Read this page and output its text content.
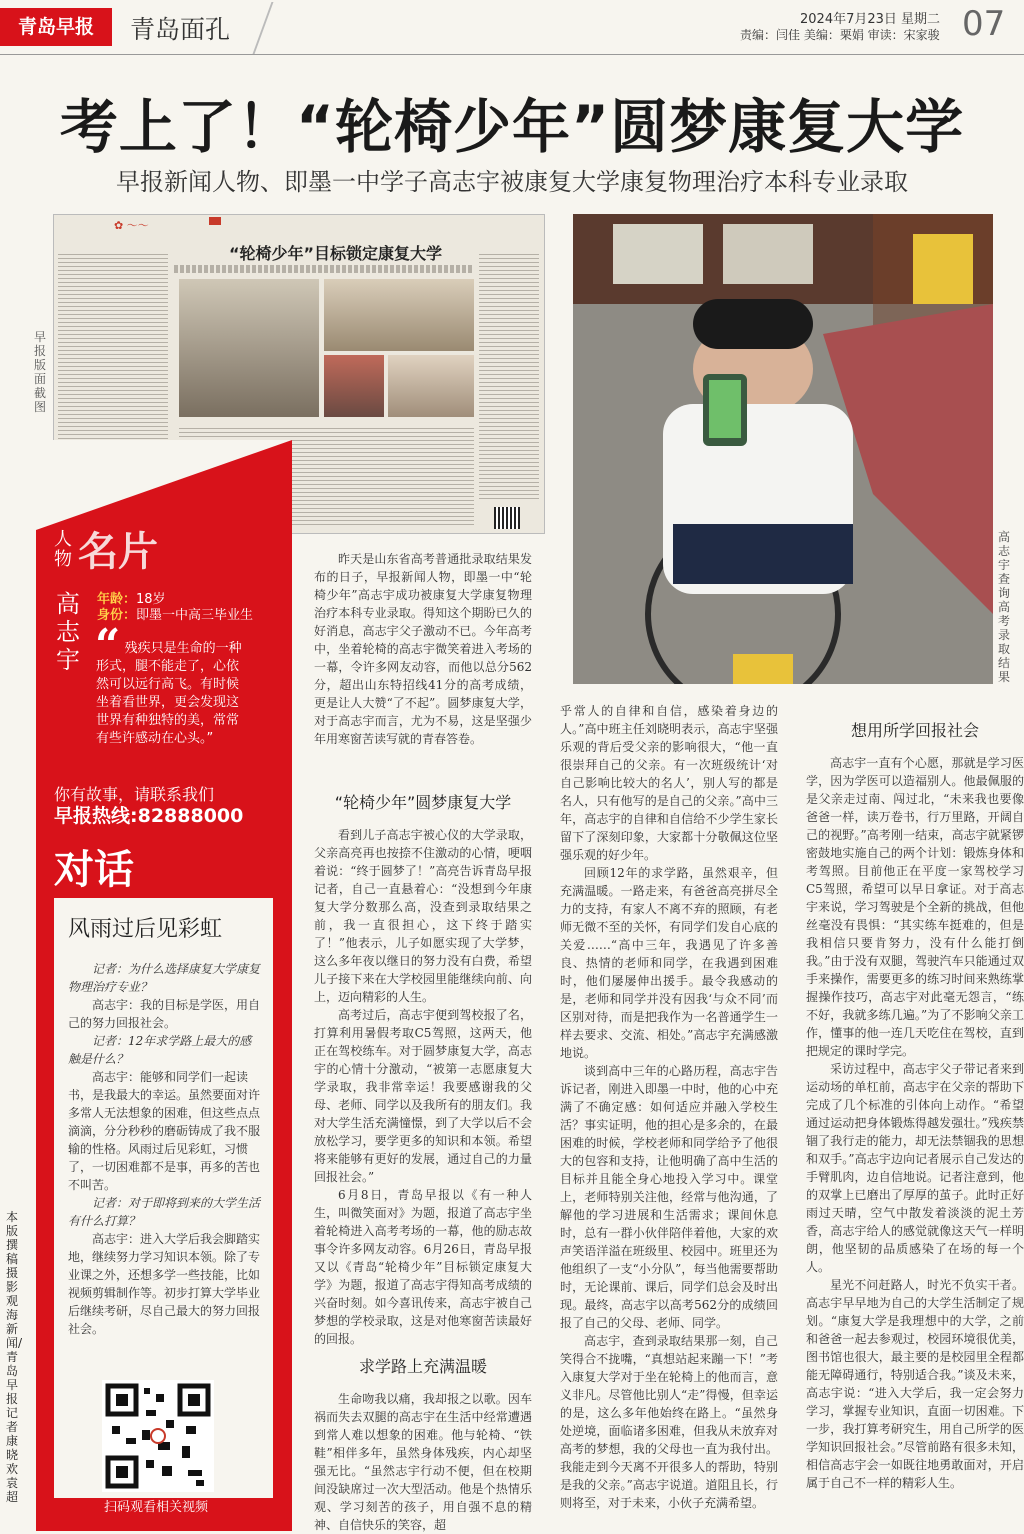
青岛早报	青岛面孔	2024年7月23日 星期二
责编：闫佳 美编：栗娟 审读：宋家骏 07
考上了！“轮椅少年”圆梦康复大学
早报新闻人物、即墨一中学子高志宇被康复大学康复物理治疗本科专业录取
✿ ～～
“轮椅少年”目标锁定康复大学
早报版面截图
高志宇查询高考录取结果
人物 名片
高志宇
年龄：18岁
身份：即墨一中高三毕业生
“ 残疾只是生命的一种形式，腿不能走了，心依然可以远行高飞。有时候坐着看世界，更会发现这世界有种独特的美，常常有些许感动在心头。”
你有故事，请联系我们
早报热线:82888000
对话
风雨过后见彩虹

记者：为什么选择康复大学康复物理治疗专业？

高志宇：我的目标是学医，用自己的努力回报社会。

记者：12年求学路上最大的感触是什么？

高志宇：能够和同学们一起读书，是我最大的幸运。虽然要面对许多常人无法想象的困难，但这些点点滴滴，分分秒秒的磨砺铸成了我不服输的性格。风雨过后见彩虹，习惯了，一切困难都不是事，再多的苦也不叫苦。

记者：对于即将到来的大学生活有什么打算？

高志宇：进入大学后我会脚踏实地，继续努力学习知识本领。除了专业课之外，还想多学一些技能，比如视频剪辑制作等。初步打算大学毕业后继续考研，尽自己最大的努力回报社会。

扫码观看相关视频
本版撰稿摄影 观海新闻/青岛早报记者 康晓欢 袁超

昨天是山东省高考普通批录取结果发布的日子，早报新闻人物，即墨一中“轮椅少年”高志宇成功被康复大学康复物理治疗本科专业录取。得知这个期盼已久的好消息，高志宇父子激动不已。今年高考中，坐着轮椅的高志宇微笑着进入考场的一幕，令许多网友动容，而他以总分562分，超出山东特招线41分的高考成绩，更是让人大赞“了不起”。圆梦康复大学，对于高志宇而言，尤为不易，这是坚强少年用寒窗苦读写就的青春答卷。

“轮椅少年”圆梦康复大学

看到儿子高志宇被心仪的大学录取，父亲高亮再也按捺不住激动的心情，哽咽着说：“终于圆梦了！”高亮告诉青岛早报记者，自己一直悬着心：“没想到今年康复大学分数那么高，没查到录取结果之前，我一直很担心，这下终于踏实了！”他表示，儿子如愿实现了大学梦，这么多年夜以继日的努力没有白费，希望儿子接下来在大学校园里能继续向前、向上，迈向精彩的人生。

高考过后，高志宇便到驾校报了名，打算利用暑假考取C5驾照，这两天，他正在驾校练车。对于圆梦康复大学，高志宇的心情十分激动，“被第一志愿康复大学录取，我非常幸运！我要感谢我的父母、老师、同学以及我所有的朋友们。我对大学生活充满憧憬，到了大学以后不会放松学习，要学更多的知识和本领。希望将来能够有更好的发展，通过自己的力量回报社会。”

6月8日，青岛早报以《有一种人生，叫微笑面对》为题，报道了高志宇坐着轮椅进入高考考场的一幕，他的励志故事令许多网友动容。6月26日，青岛早报又以《青岛“轮椅少年”目标锁定康复大学》为题，报道了高志宇得知高考成绩的兴奋时刻。如今喜讯传来，高志宇被自己梦想的学校录取，这是对他寒窗苦读最好的回报。

求学路上充满温暖

生命吻我以痛，我却报之以歌。因车祸而失去双腿的高志宇在生活中经常遭遇到常人难以想象的困难。他与轮椅、“铁鞋”相伴多年，虽然身体残疾，内心却坚强无比。“虽然志宇行动不便，但在校期间没缺席过一次大型活动。他是个热情乐观、学习刻苦的孩子，用自强不息的精神、自信快乐的笑容，超

乎常人的自律和自信，感染着身边的人。”高中班主任刘晓明表示，高志宇坚强乐观的背后受父亲的影响很大，“他一直很崇拜自己的父亲。有一次班级统计‘对自己影响比较大的名人’，别人写的都是名人，只有他写的是自己的父亲。”高中三年，高志宇的自律和自信给不少学生家长留下了深刻印象，大家都十分敬佩这位坚强乐观的好少年。

回顾12年的求学路，虽然艰辛，但充满温暖。一路走来，有爸爸高亮拼尽全力的支持，有家人不离不弃的照顾，有老师无微不至的关怀，有同学们发自心底的关爱……“高中三年，我遇见了许多善良、热情的老师和同学，在我遇到困难时，他们屡屡伸出援手。最令我感动的是，老师和同学并没有因我‘与众不同’而区别对待，而是把我作为一名普通学生一样去要求、交流、相处。”高志宇充满感激地说。

谈到高中三年的心路历程，高志宇告诉记者，刚进入即墨一中时，他的心中充满了不确定感：如何适应并融入学校生活？事实证明，他的担心是多余的，在最困难的时候，学校老师和同学给予了他很大的包容和支持，让他明确了高中生活的目标并且能全身心地投入学习中。课堂上，老师特别关注他，经常与他沟通，了解他的学习进展和生活需求；课间休息时，总有一群小伙伴陪伴着他，大家的欢声笑语洋溢在班级里、校园中。班里还为他组织了一支“小分队”，每当他需要帮助时，无论课前、课后，同学们总会及时出现。最终，高志宇以高考562分的成绩回报了自己的父母、老师、同学。

高志宇，查到录取结果那一刻，自己笑得合不拢嘴，“真想站起来蹦一下！”考入康复大学对于坐在轮椅上的他而言，意义非凡。尽管他比别人“走”得慢，但幸运的是，这么多年他始终在路上。“虽然身处逆境，面临诸多困难，但我从未放弃对高考的梦想，我的父母也一直为我付出。我能走到今天离不开很多人的帮助，特别是我的父亲。”高志宇说道。道阻且长，行则将至，对于未来，小伙子充满希望。

想用所学回报社会

高志宇一直有个心愿，那就是学习医学，因为学医可以造福别人。他最佩服的是父亲走过南、闯过北，“未来我也要像爸爸一样，读万卷书，行万里路，开阔自己的视野。”高考刚一结束，高志宇就紧锣密鼓地实施自己的两个计划：锻炼身体和考驾照。目前他正在平度一家驾校学习C5驾照，希望可以早日拿证。对于高志宇来说，学习驾驶是个全新的挑战，但他丝毫没有畏惧：“其实练车挺难的，但是我相信只要肯努力，没有什么能打倒我。”由于没有双腿，驾驶汽车只能通过双手来操作，需要更多的练习时间来熟练掌握操作技巧，高志宇对此毫无怨言，“练不好，我就多练几遍。”为了不影响父亲工作，懂事的他一连几天吃住在驾校，直到把规定的课时学完。

采访过程中，高志宇父子带记者来到运动场的单杠前，高志宇在父亲的帮助下完成了几个标准的引体向上动作。“希望通过运动把身体锻炼得越发强壮。”残疾禁锢了我行走的能力，却无法禁锢我的思想和双手。”高志宇边向记者展示自己发达的手臂肌肉，边自信地说。记者注意到，他的双掌上已磨出了厚厚的茧子。此时正好雨过天晴，空气中散发着淡淡的泥土芳香，高志宇给人的感觉就像这天气一样明朗，他坚韧的品质感染了在场的每一个人。

星光不问赶路人，时光不负实干者。高志宇早早地为自己的大学生活制定了规划。“康复大学是我理想中的大学，之前和爸爸一起去参观过，校园环境很优美，图书馆也很大，最主要的是校园里全程都能无障碍通行，特别适合我。”谈及未来，高志宇说：“进入大学后，我一定会努力学习，掌握专业知识，直面一切困难。下一步，我打算考研究生，用自己所学的医学知识回报社会。”尽管前路有很多未知，相信高志宇会一如既往地勇敢面对，开启属于自己不一样的精彩人生。
